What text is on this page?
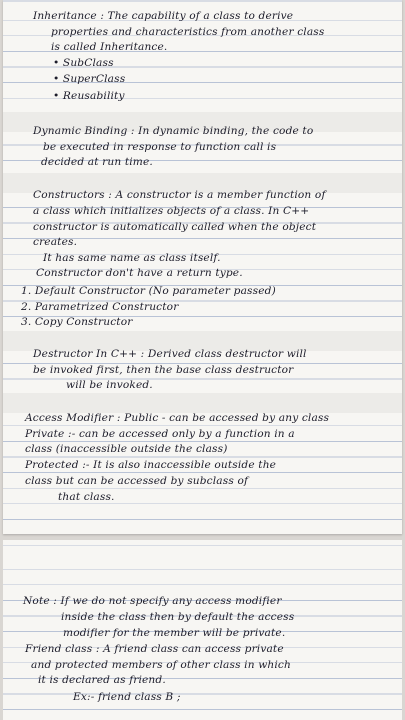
Inheritance : The capability of a class to derive
properties and characteristics from another class
is called Inheritance.
• SubClass
• SuperClass
• Reusability
Dynamic Binding : In dynamic binding, the code to
be executed in response to function call is
decided at run time.
Constructors : A constructor is a member function of
a class which initializes objects of a class. In C++
constructor is automatically called when the object
creates.
It has same name as class itself.
Constructor don't have a return type.
1. Default Constructor (No parameter passed)
2. Parametrized Constructor
3. Copy Constructor
Destructor In C++ : Derived class destructor will
be invoked first, then the base class destructor
will be invoked.
Access Modifier : Public - can be accessed by any class
Private :- can be accessed only by a function in a
class (inaccessible outside the class)
Protected :- It is also inaccessible outside the
class but can be accessed by subclass of
that class.
Note : If we do not specify any access modifier
inside the class then by default the access
modifier for the member will be private.
Friend class : A friend class can access private
and protected members of other class in which
it is declared as friend.
Ex:- friend class B ;
